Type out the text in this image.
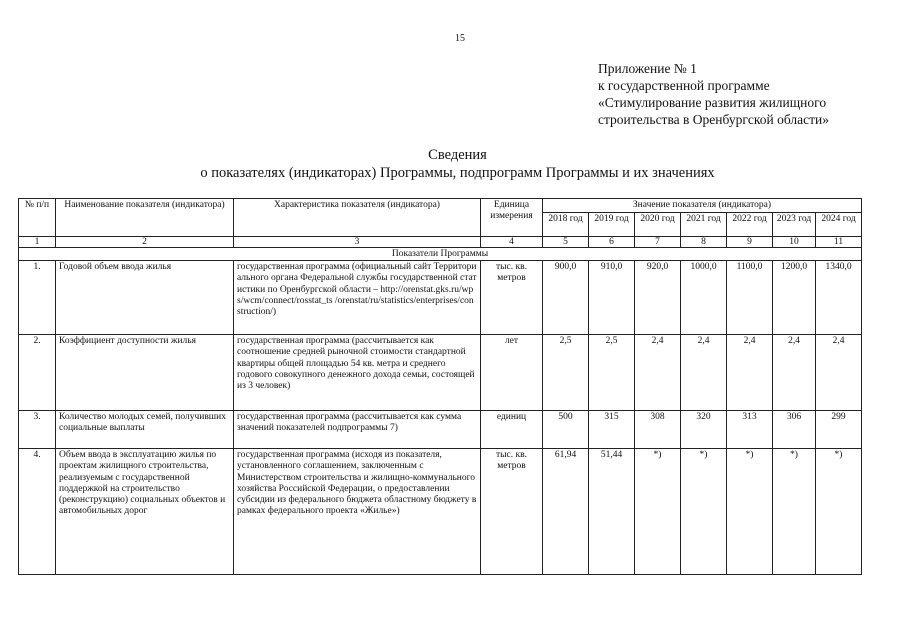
15
Приложение № 1
к государственной программе
«Стимулирование развития жилищного
строительства в Оренбургской области»
Сведения
о показателях (индикаторах) Программы, подпрограмм Программы и их значениях
№ п/п	Наименование показателя (индикатора)	Характеристика показателя (индикатора)	Единица измерения	Значение показателя (индикатора)						
				2018 год	2019 год	2020 год	2021 год	2022 год	2023 год	2024 год
1	2	3	4	5	6	7	8	9	10	11
Показатели Программы										
1.	Годовой объем ввода жилья	государственная программа (официальный сайт Территориального органа Федеральной службы государственной статистики по Оренбургской области – http://orenstat.gks.ru/wps/wcm/connect/rosstat_ts /orenstat/ru/statistics/enterprises/construction/)	тыс. кв. метров	900,0	910,0	920,0	1000,0	1100,0	1200,0	1340,0
2.	Коэффициент доступности жилья	государственная программа (рассчитывается как соотношение средней рыночной стоимости стандартной квартиры общей площадью 54 кв. метра и среднего годового совокупного денежного дохода семьи, состоящей из 3 человек)	лет	2,5	2,5	2,4	2,4	2,4	2,4	2,4
3.	Количество молодых семей, получивших социальные выплаты	государственная программа (рассчитывается как сумма значений показателей подпрограммы 7)	единиц	500	315	308	320	313	306	299
4.	Объем ввода в эксплуатацию жилья по проектам жилищного строительства, реализуемым с государственной поддержкой на строительство (реконструкцию) социальных объектов и автомобильных дорог	государственная программа (исходя из показателя, установленного соглашением, заключенным с Министерством строительства и жилищно-коммунального хозяйства Российской Федерации, о предоставлении субсидии из федерального бюджета областному бюджету в рамках федерального проекта «Жилье»)	тыс. кв. метров	61,94	51,44	*)	*)	*)	*)	*)
